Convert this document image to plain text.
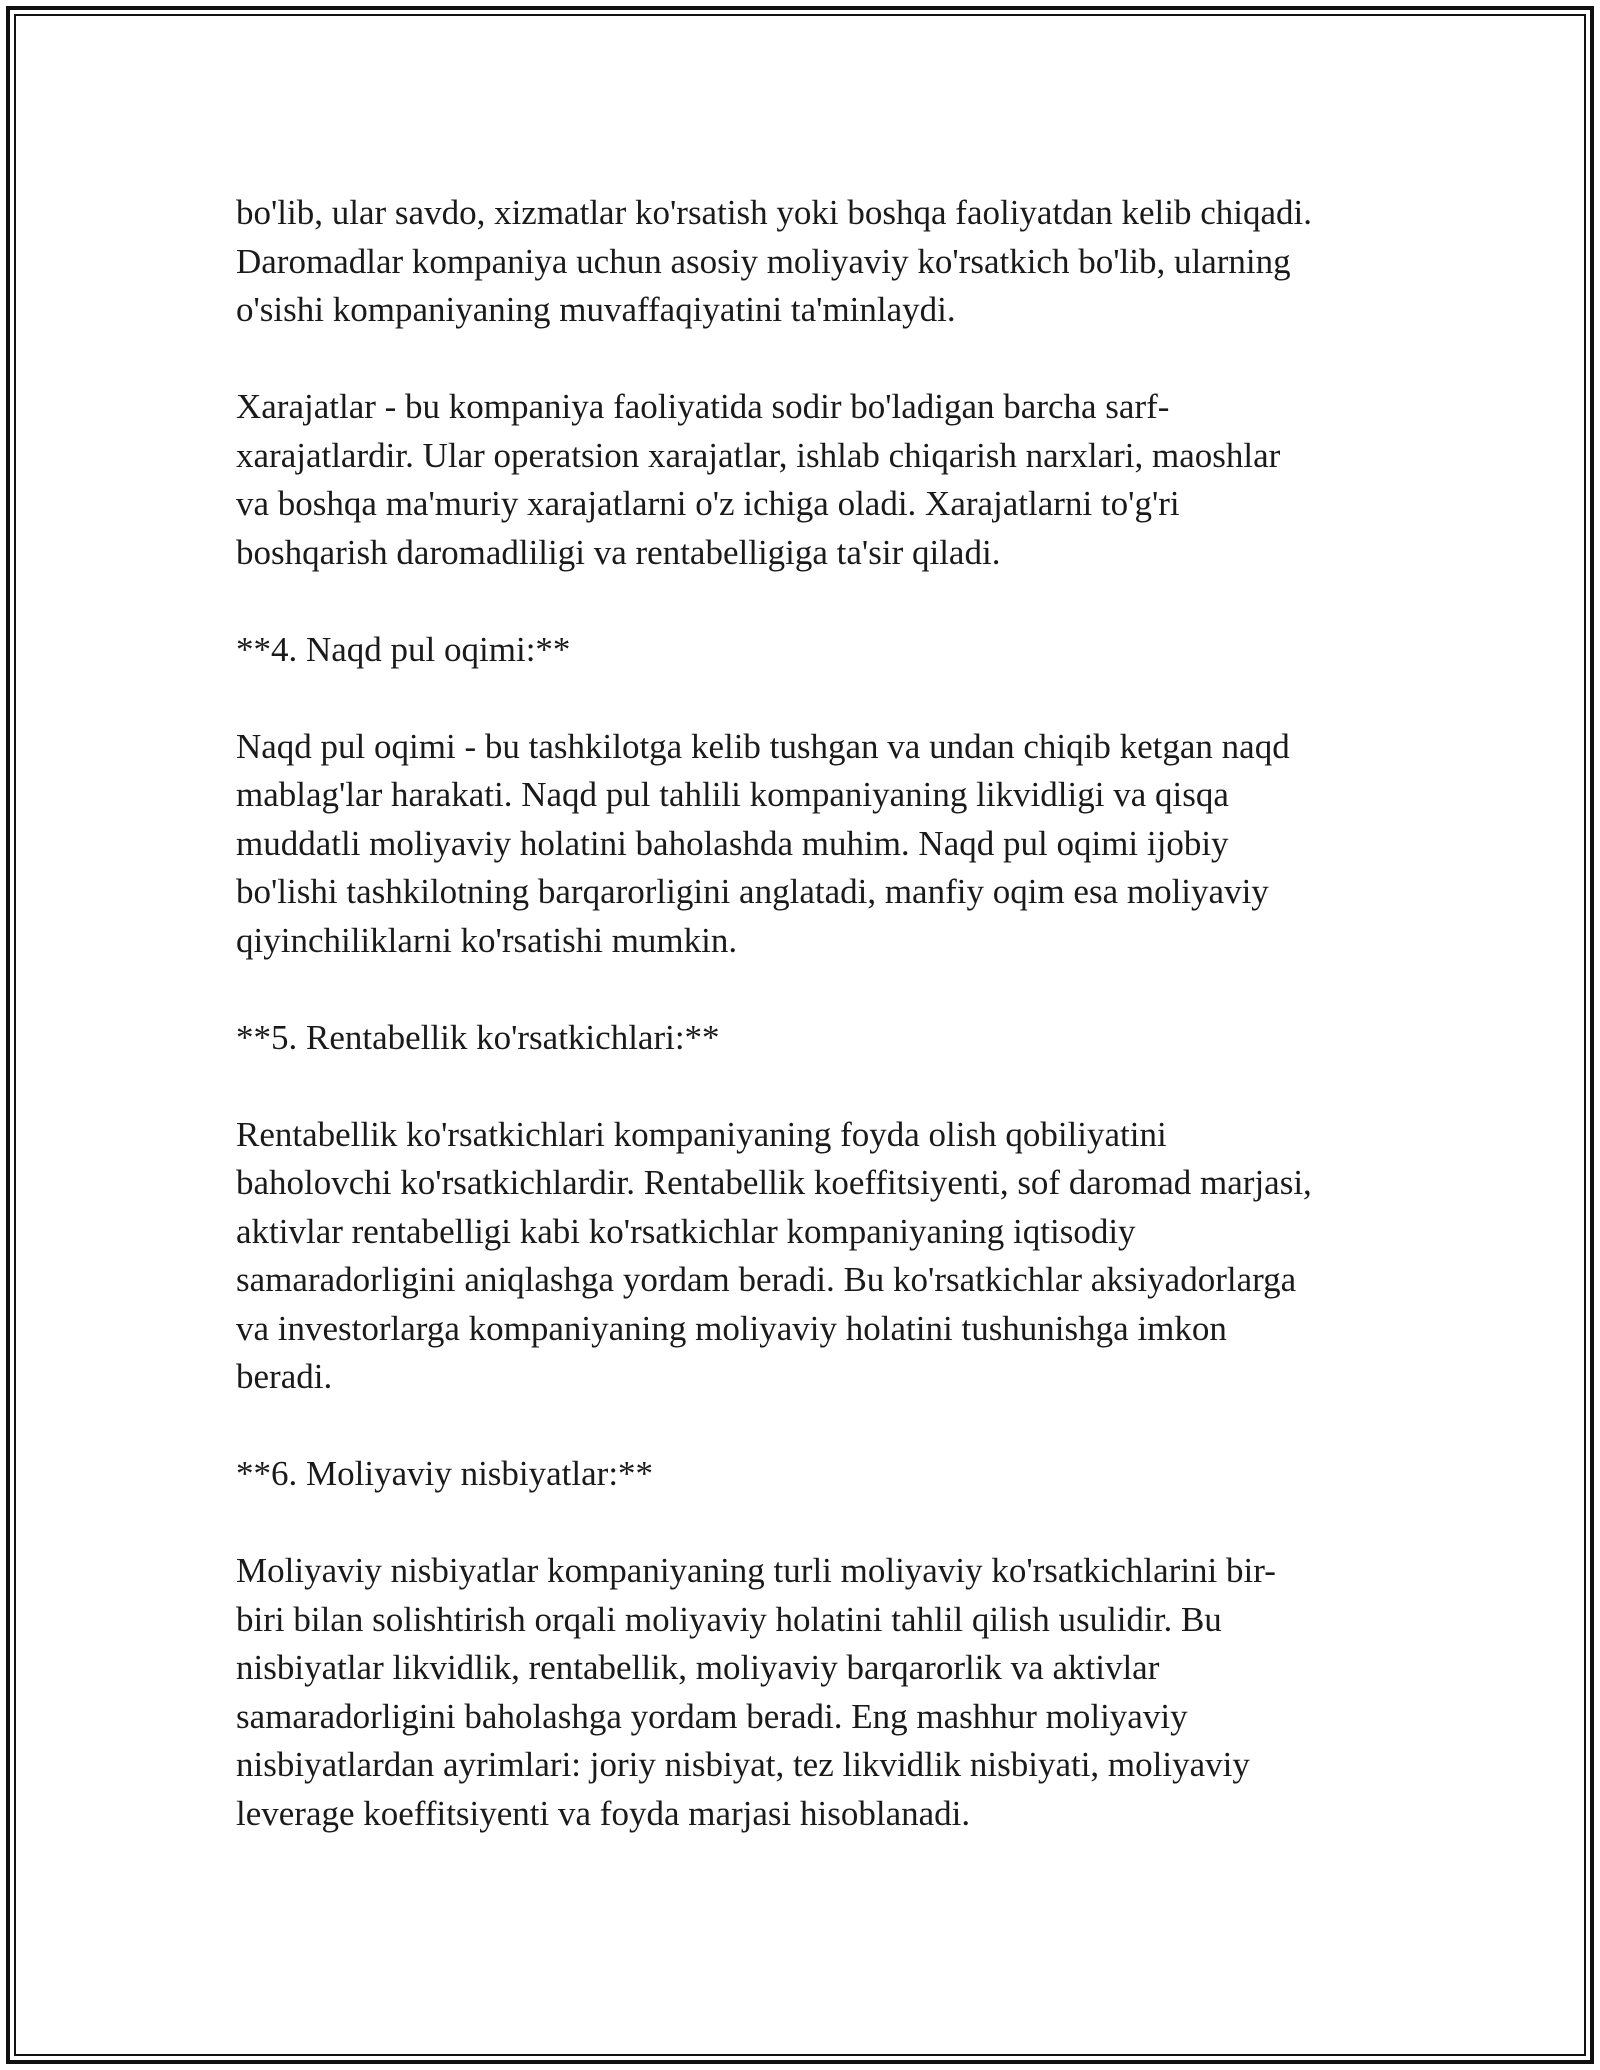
bo'lib, ular savdo, xizmatlar ko'rsatish yoki boshqa faoliyatdan kelib chiqadi.
Daromadlar kompaniya uchun asosiy moliyaviy ko'rsatkich bo'lib, ularning
o'sishi kompaniyaning muvaffaqiyatini ta'minlaydi.

Xarajatlar - bu kompaniya faoliyatida sodir bo'ladigan barcha sarf-
xarajatlardir. Ular operatsion xarajatlar, ishlab chiqarish narxlari, maoshlar
va boshqa ma'muriy xarajatlarni o'z ichiga oladi. Xarajatlarni to'g'ri
boshqarish daromadliligi va rentabelligiga ta'sir qiladi.

**4. Naqd pul oqimi:**

Naqd pul oqimi - bu tashkilotga kelib tushgan va undan chiqib ketgan naqd
mablag'lar harakati. Naqd pul tahlili kompaniyaning likvidligi va qisqa
muddatli moliyaviy holatini baholashda muhim. Naqd pul oqimi ijobiy
bo'lishi tashkilotning barqarorligini anglatadi, manfiy oqim esa moliyaviy
qiyinchiliklarni ko'rsatishi mumkin.

**5. Rentabellik ko'rsatkichlari:**

Rentabellik ko'rsatkichlari kompaniyaning foyda olish qobiliyatini
baholovchi ko'rsatkichlardir. Rentabellik koeffitsiyenti, sof daromad marjasi,
aktivlar rentabelligi kabi ko'rsatkichlar kompaniyaning iqtisodiy
samaradorligini aniqlashga yordam beradi. Bu ko'rsatkichlar aksiyadorlarga
va investorlarga kompaniyaning moliyaviy holatini tushunishga imkon
beradi.

**6. Moliyaviy nisbiyatlar:**

Moliyaviy nisbiyatlar kompaniyaning turli moliyaviy ko'rsatkichlarini bir-
biri bilan solishtirish orqali moliyaviy holatini tahlil qilish usulidir. Bu
nisbiyatlar likvidlik, rentabellik, moliyaviy barqarorlik va aktivlar
samaradorligini baholashga yordam beradi. Eng mashhur moliyaviy
nisbiyatlardan ayrimlari: joriy nisbiyat, tez likvidlik nisbiyati, moliyaviy
leverage koeffitsiyenti va foyda marjasi hisoblanadi.
